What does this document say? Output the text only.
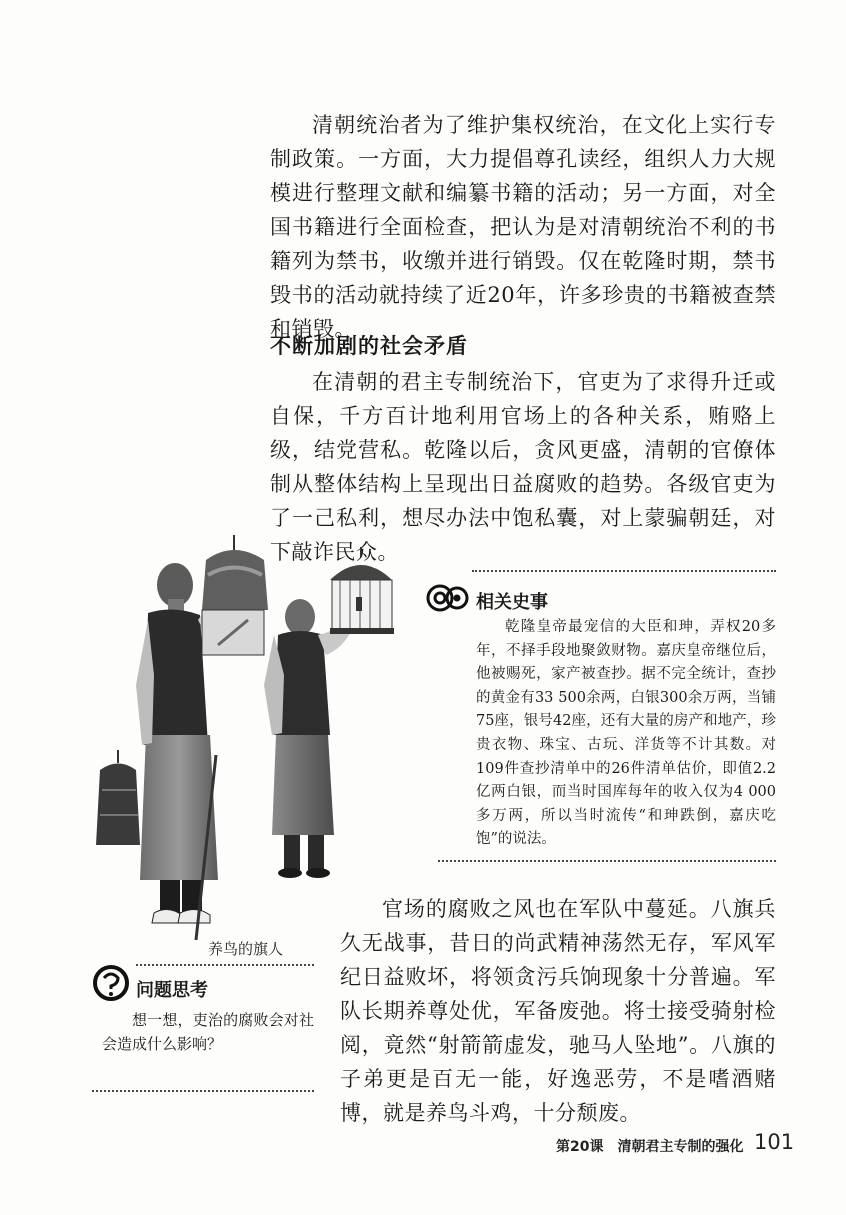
清朝统治者为了维护集权统治，在文化上实行专制政策。一方面，大力提倡尊孔读经，组织人力大规模进行整理文献和编纂书籍的活动；另一方面，对全国书籍进行全面检查，把认为是对清朝统治不利的书籍列为禁书，收缴并进行销毁。仅在乾隆时期，禁书毁书的活动就持续了近20年，许多珍贵的书籍被查禁和销毁。

不断加剧的社会矛盾

在清朝的君主专制统治下，官吏为了求得升迁或自保，千方百计地利用官场上的各种关系，贿赂上级，结党营私。乾隆以后，贪风更盛，清朝的官僚体制从整体结构上呈现出日益腐败的趋势。各级官吏为了一己私利，想尽办法中饱私囊，对上蒙骗朝廷，对下敲诈民众。

养鸟的旗人
相关史事

乾隆皇帝最宠信的大臣和珅，弄权20多年，不择手段地聚敛财物。嘉庆皇帝继位后，他被赐死，家产被查抄。据不完全统计，查抄的黄金有33 500余两，白银300余万两，当铺75座，银号42座，还有大量的房产和地产，珍贵衣物、珠宝、古玩、洋货等不计其数。对109件查抄清单中的26件清单估价，即值2.2亿两白银，而当时国库每年的收入仅为4 000多万两，所以当时流传“和珅跌倒，嘉庆吃饱”的说法。

问题思考

想一想，吏治的腐败会对社会造成什么影响？

官场的腐败之风也在军队中蔓延。八旗兵久无战事，昔日的尚武精神荡然无存，军风军纪日益败坏，将领贪污兵饷现象十分普遍。军队长期养尊处优，军备废弛。将士接受骑射检阅，竟然“射箭箭虚发，驰马人坠地”。八旗的子弟更是百无一能，好逸恶劳，不是嗜酒赌博，就是养鸟斗鸡，十分颓废。

第20课　清朝君主专制的强化 101
